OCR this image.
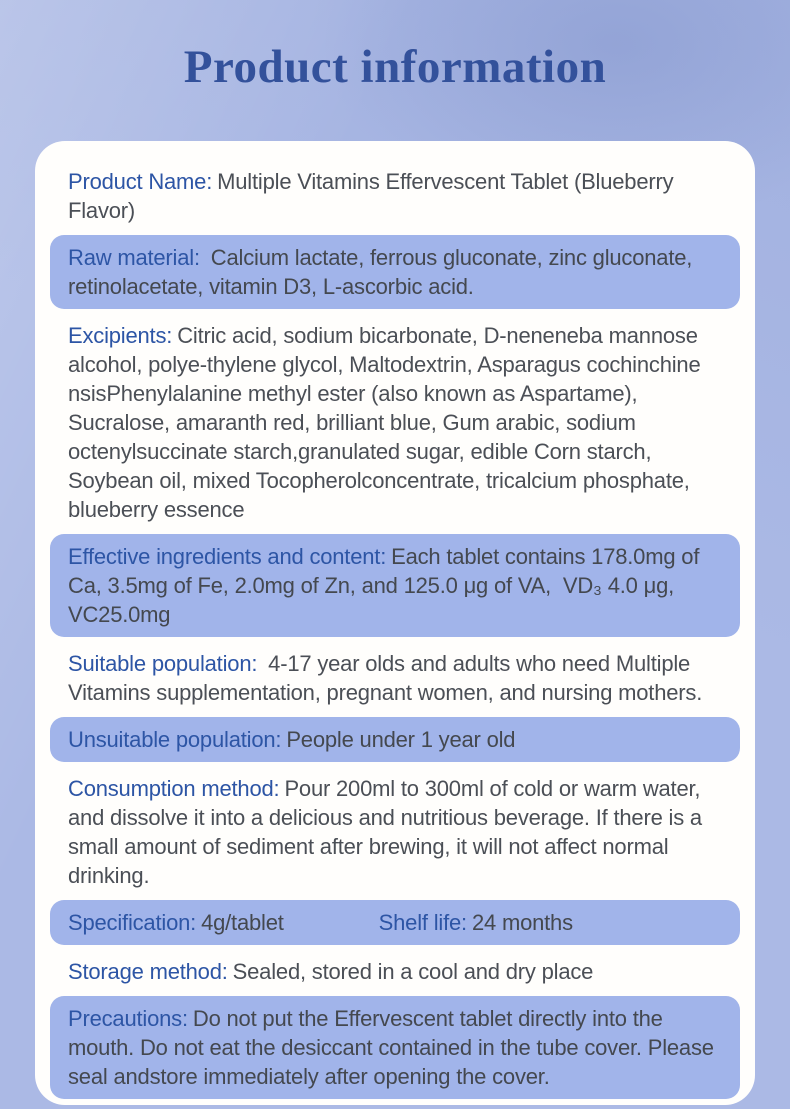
Product information

Product Name: Multiple Vitamins Effervescent Tablet (Blueberry Flavor)

Raw material: Calcium lactate, ferrous gluconate, zinc gluconate, retinolacetate, vitamin D3, L-ascorbic acid.

Excipients: Citric acid, sodium bicarbonate, D-neneneba mannose alcohol, polye-thylene glycol, Maltodextrin, Asparagus cochinchine nsisPhenylalanine methyl ester (also known as Aspartame), Sucralose, amaranth red, brilliant blue, Gum arabic, sodium octenylsuccinate starch,granulated sugar, edible Corn starch, Soybean oil, mixed Tocopherolconcentrate, tricalcium phosphate, blueberry essence

Effective ingredients and content: Each tablet contains 178.0mg of Ca, 3.5mg of Fe, 2.0mg of Zn, and 125.0 μg of VA,  VD₃ 4.0 μg,  VC25.0mg

Suitable population: 4-17 year olds and adults who need Multiple Vitamins supplementation, pregnant women, and nursing mothers.

Unsuitable population: People under 1 year old

Consumption method: Pour 200ml to 300ml of cold or warm water, and dissolve it into a delicious and nutritious beverage. If there is a small amount of sediment after brewing, it will not affect normal drinking.

Specification: 4g/tablet	Shelf life: 24 months

Storage method: Sealed, stored in a cool and dry place

Precautions: Do not put the Effervescent tablet directly into the mouth. Do not eat the desiccant contained in the tube cover. Please seal andstore immediately after opening the cover.
